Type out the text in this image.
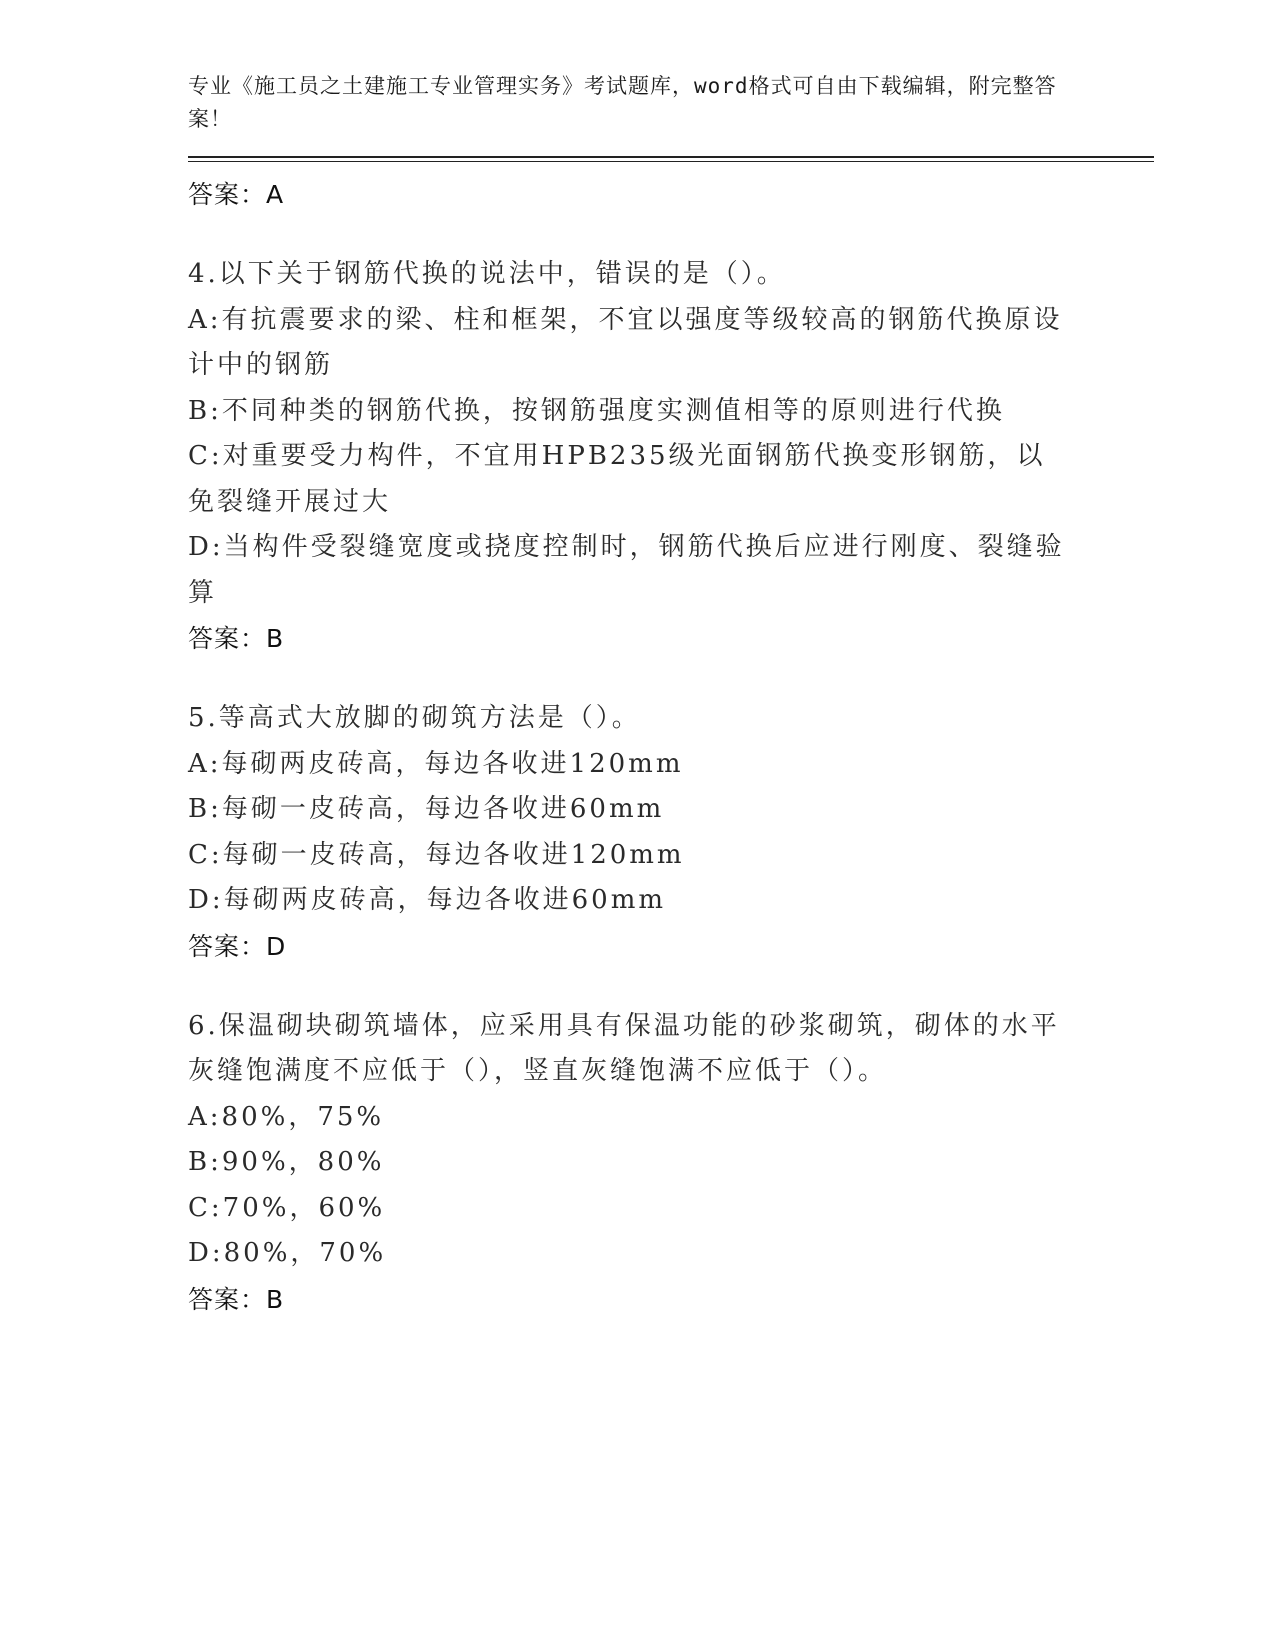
专业《施工员之土建施工专业管理实务》考试题库，word格式可自由下载编辑，附完整答案！
答案：A
4.以下关于钢筋代换的说法中，错误的是（）。
A:有抗震要求的梁、柱和框架，不宜以强度等级较高的钢筋代换原设计中的钢筋
B:不同种类的钢筋代换，按钢筋强度实测值相等的原则进行代换
C:对重要受力构件，不宜用HPB235级光面钢筋代换变形钢筋，以免裂缝开展过大
D:当构件受裂缝宽度或挠度控制时，钢筋代换后应进行刚度、裂缝验算
答案：B
5.等高式大放脚的砌筑方法是（）。
A:每砌两皮砖高，每边各收进120mm
B:每砌一皮砖高，每边各收进60mm
C:每砌一皮砖高，每边各收进120mm
D:每砌两皮砖高，每边各收进60mm
答案：D
6.保温砌块砌筑墙体，应采用具有保温功能的砂浆砌筑，砌体的水平灰缝饱满度不应低于（），竖直灰缝饱满不应低于（）。
A:80%，75%
B:90%，80%
C:70%，60%
D:80%，70%
答案：B
